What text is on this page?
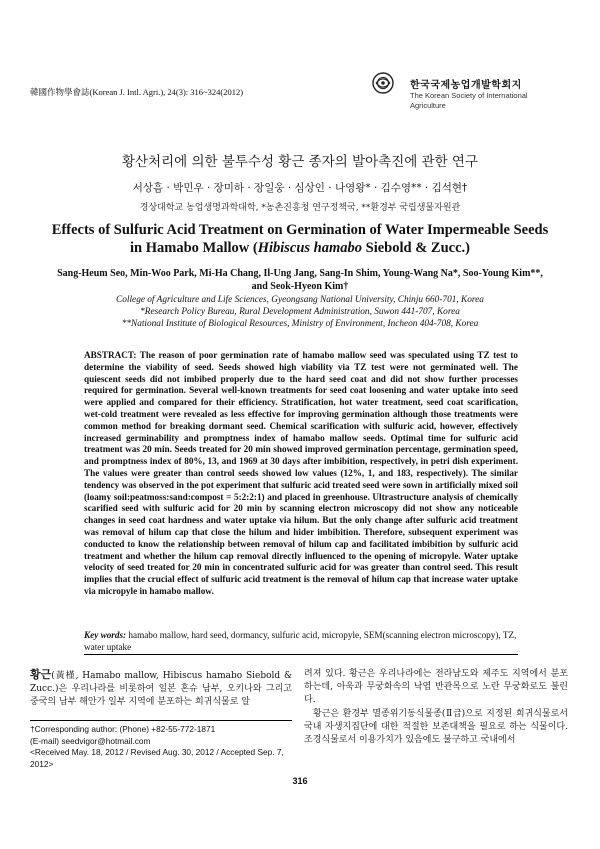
韓國作物學會誌(Korean J. Intl. Agri.), 24(3): 316~324(2012)
한국국제농업개발학회지
The Korean Society of International
Agriculture
황산처리에 의한 불투수성 황근 종자의 발아촉진에 관한 연구
서상흠 · 박민우 · 장미하 · 장일웅 · 심상인 · 나영왕* · 김수영** · 김석현†
경상대학교 농업생명과학대학, *농촌진흥청 연구정책국, **환경부 국립생물자원관
Effects of Sulfuric Acid Treatment on Germination of Water Impermeable Seeds
in Hamabo Mallow (Hibiscus hamabo Siebold & Zucc.)
Sang-Heum Seo, Min-Woo Park, Mi-Ha Chang, Il-Ung Jang, Sang-In Shim, Young-Wang Na*, Soo-Young Kim**,
and Seok-Hyeon Kim†
College of Agriculture and Life Sciences, Gyeongsang National University, Chinju 660-701, Korea
*Research Policy Bureau, Rural Development Administration, Suwon 441-707, Korea
**National Institute of Biological Resources, Ministry of Environment, Incheon 404-708, Korea
ABSTRACT: The reason of poor germination rate of hamabo mallow seed was speculated using TZ test to determine the viability of seed. Seeds showed high viability via TZ test were not germinated well. The quiescent seeds did not imbibed properly due to the hard seed coat and did not show further processes required for germination. Several well-known treatments for seed coat loosening and water uptake into seed were applied and compared for their efficiency. Stratification, hot water treatment, seed coat scarification, wet-cold treatment were revealed as less effective for improving germination although those treatments were common method for breaking dormant seed. Chemical scarification with sulfuric acid, however, effectively increased germinability and promptness index of hamabo mallow seeds. Optimal time for sulfuric acid treatment was 20 min. Seeds treated for 20 min showed improved germination percentage, germination speed, and promptness index of 80%, 13, and 1969 at 30 days after imbibition, respectively, in petri dish experiment. The values were greater than control seeds showed low values (12%, 1, and 183, respectively). The similar tendency was observed in the pot experiment that sulfuric acid treated seed were sown in artificially mixed soil (loamy soil:peatmoss:sand:compost = 5:2:2:1) and placed in greenhouse. Ultrastructure analysis of chemically scarified seed with sulfuric acid for 20 min by scanning electron microscopy did not show any noticeable changes in seed coat hardness and water uptake via hilum. But the only change after sulfuric acid treatment was removal of hilum cap that close the hilum and hider imbibition. Therefore, subsequent experiment was conducted to know the relationship between removal of hilum cap and facilitated imbibition by sulfuric acid treatment and whether the hilum cap removal directly influenced to the opening of micropyle. Water uptake velocity of seed treated for 20 min in concentrated sulfuric acid for was greater than control seed. This result implies that the crucial effect of sulfuric acid treatment is the removal of hilum cap that increase water uptake via micropyle in hamabo mallow.
Key words: hamabo mallow, hard seed, dormancy, sulfuric acid, micropyle, SEM(scanning electron microscopy), TZ, water uptake
황근(黃槿, Hamabo mallow, Hibiscus hamabo Siebold & Zucc.)은 우리나라를 비롯하여 일본 혼슈 남부, 오키나와 그리고 중국의 남부 해안가 일부 지역에 분포하는 희귀식물로 알

려져 있다. 황근은 우리나라에는 전라남도와 제주도 지역에서 분포하는데, 아욱과 무궁화속의 낙엽 반관목으로 노란 무궁화로도 불린다.

황근은 환경부 멸종위기동식물종(Ⅱ급)으로 지정된 희귀식물로서 국내 자생지집단에 대한 적절한 보존대책을 필요로 하는 식물이다. 조경식물로서 이용가치가 있음에도 불구하고 국내에서

†Corresponding author: (Phone) +82-55-772-1871
(E-mail) seedvigor@hotmail.com
<Received May. 18, 2012 / Revised Aug. 30, 2012 / Accepted Sep. 7, 2012>
316
